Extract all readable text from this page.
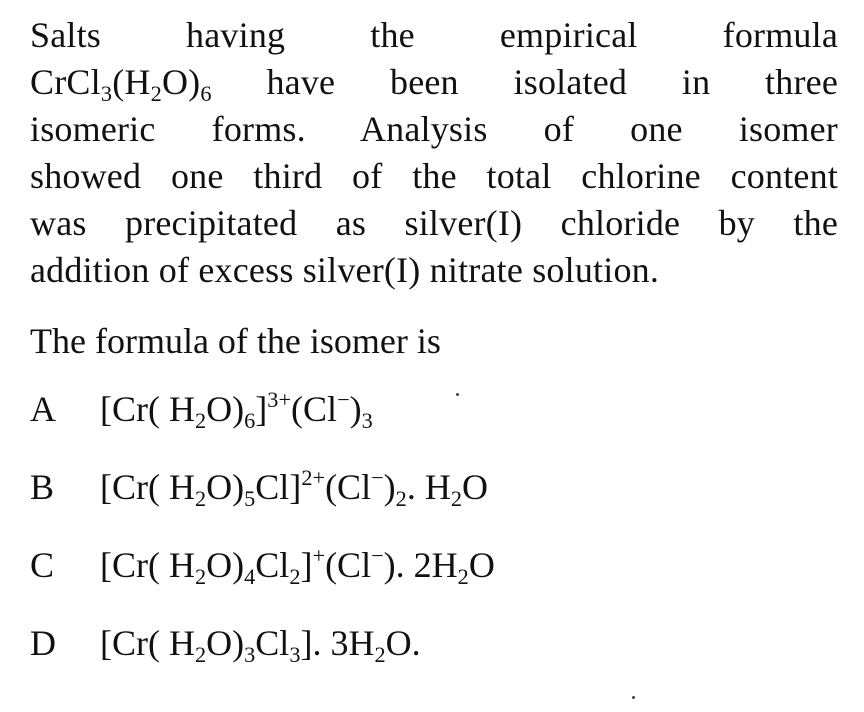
Salts having the empirical formula
$CrCl_3(H_2O)_6$ have been isolated in three
isomeric forms. Analysis of one isomer
showed one third of the total chlorine content
was precipitated as silver(I) chloride by the
addition of excess silver(I) nitrate solution.
The formula of the isomer is
A	[Cr( $H_2O)_6]^{3+}(Cl^-)_3$
B	[Cr( $H_2O)_5Cl]^{2+}(Cl^-)_2$. $H_2O$
C	[Cr( $H_2O)_4Cl_2]^+(Cl^-)$. $2H_2O$
D	[Cr( $H_2O)_3Cl_3$]. $3H_2O$.
